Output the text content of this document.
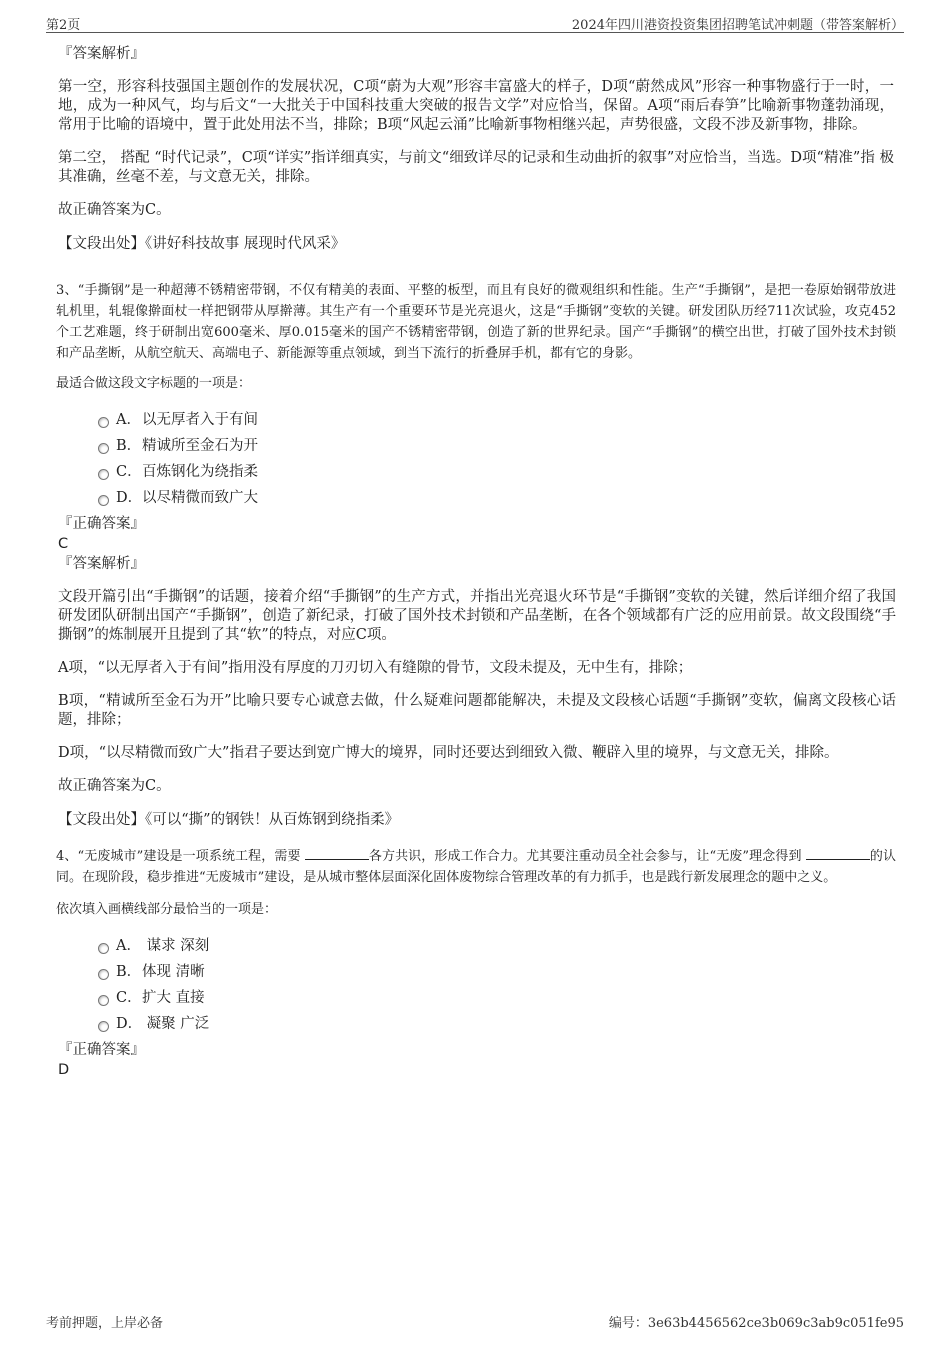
第2页	2024年四川港资投资集团招聘笔试冲刺题（带答案解析）

『答案解析』

第一空，形容科技强国主题创作的发展状况，C项“蔚为大观”形容丰富盛大的样子，D项“蔚然成风”形容一种事物盛行于一时，一地，成为一种风气，均与后文“一大批关于中国科技重大突破的报告文学”对应恰当，保留。A项“雨后春笋”比喻新事物蓬勃涌现，常用于比喻的语境中，置于此处用法不当，排除；B项“风起云涌”比喻新事物相继兴起，声势很盛，文段不涉及新事物，排除。

第二空， 搭配 “时代记录”，C项“详实”指详细真实，与前文“细致详尽的记录和生动曲折的叙事”对应恰当，当选。D项“精准”指 极其准确，丝毫不差，与文意无关，排除。

故正确答案为C。

【文段出处】《讲好科技故事 展现时代风采》

3、“手撕钢”是一种超薄不锈精密带钢，不仅有精美的表面、平整的板型，而且有良好的微观组织和性能。生产“手撕钢”，是把一卷原始钢带放进轧机里，轧辊像擀面杖一样把钢带从厚擀薄。其生产有一个重要环节是光亮退火，这是“手撕钢”变软的关键。研发团队历经711次试验，攻克452个工艺难题，终于研制出宽600毫米、厚0.015毫米的国产不锈精密带钢，创造了新的世界纪录。国产“手撕钢”的横空出世，打破了国外技术封锁和产品垄断，从航空航天、高端电子、新能源等重点领域，到当下流行的折叠屏手机，都有它的身影。

最适合做这段文字标题的一项是：

A．以无厚者入于有间
B．精诚所至金石为开
C．百炼钢化为绕指柔
D．以尽精微而致广大

『正确答案』

C

『答案解析』

文段开篇引出“手撕钢”的话题，接着介绍“手撕钢”的生产方式，并指出光亮退火环节是“手撕钢”变软的关键，然后详细介绍了我国研发团队研制出国产“手撕钢”，创造了新纪录，打破了国外技术封锁和产品垄断，在各个领域都有广泛的应用前景。故文段围绕“手撕钢”的炼制展开且提到了其“软”的特点，对应C项。

A项，“以无厚者入于有间”指用没有厚度的刀刃切入有缝隙的骨节，文段未提及，无中生有，排除；

B项，“精诚所至金石为开”比喻只要专心诚意去做，什么疑难问题都能解决，未提及文段核心话题“手撕钢”变软，偏离文段核心话题，排除；

D项，“以尽精微而致广大”指君子要达到宽广博大的境界，同时还要达到细致入微、鞭辟入里的境界，与文意无关，排除。

故正确答案为C。

【文段出处】《可以“撕”的钢铁！从百炼钢到绕指柔》

4、“无废城市”建设是一项系统工程，需要	各方共识，形成工作合力。尤其要注重动员全社会参与，让“无废”理念得到	的认同。在现阶段，稳步推进“无废城市”建设，是从城市整体层面深化固体废物综合管理改革的有力抓手，也是践行新发展理念的题中之义。

依次填入画横线部分最恰当的一项是：

A． 谋求 深刻
B．体现 清晰
C．扩大 直接
D． 凝聚 广泛

『正确答案』

D

考前押题，上岸必备	编号：3e63b4456562ce3b069c3ab9c051fe95
